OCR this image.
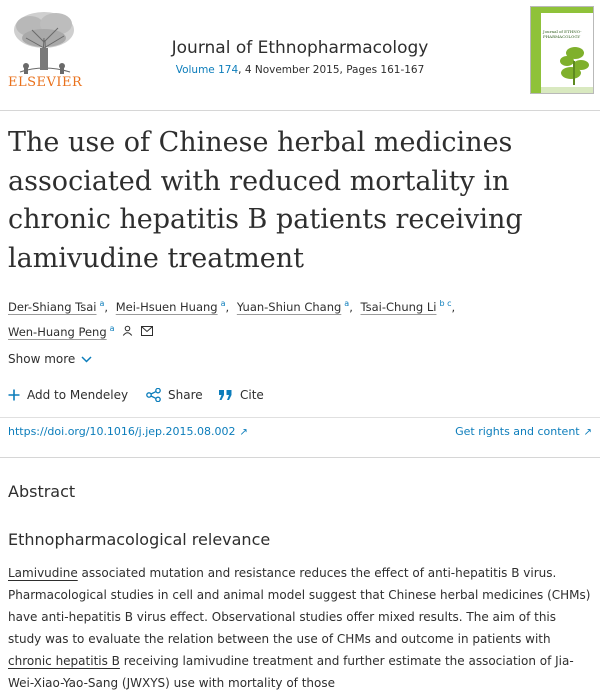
ELSEVIER
Journal of Ethnopharmacology
Volume 174, 4 November 2015, Pages 161-167
Journal of ETHNO-PHARMACOLOGY
The use of Chinese herbal medicines associated with reduced mortality in chronic hepatitis B patients receiving lamivudine treatment
Der-Shiang Tsai $^a$, Mei-Hsuen Huang $^a$, Yuan-Shiun Chang $^a$, Tsai-Chung Li $^{b c}$,
Wen-Huang Peng $^a$
Show more
Add to Mendeley	Share	Cite
https://doi.org/10.1016/j.jep.2015.08.002 ↗	Get rights and content ↗
Abstract
Ethnopharmacological relevance

Lamivudine associated mutation and resistance reduces the effect of anti-hepatitis B virus. Pharmacological studies in cell and animal model suggest that Chinese herbal medicines (CHMs) have anti-hepatitis B virus effect. Observational studies offer mixed results. The aim of this study was to evaluate the relation between the use of CHMs and outcome in patients with chronic hepatitis B receiving lamivudine treatment and further estimate the association of Jia-Wei-Xiao-Yao-Sang (JWXYS) use with mortality of those
